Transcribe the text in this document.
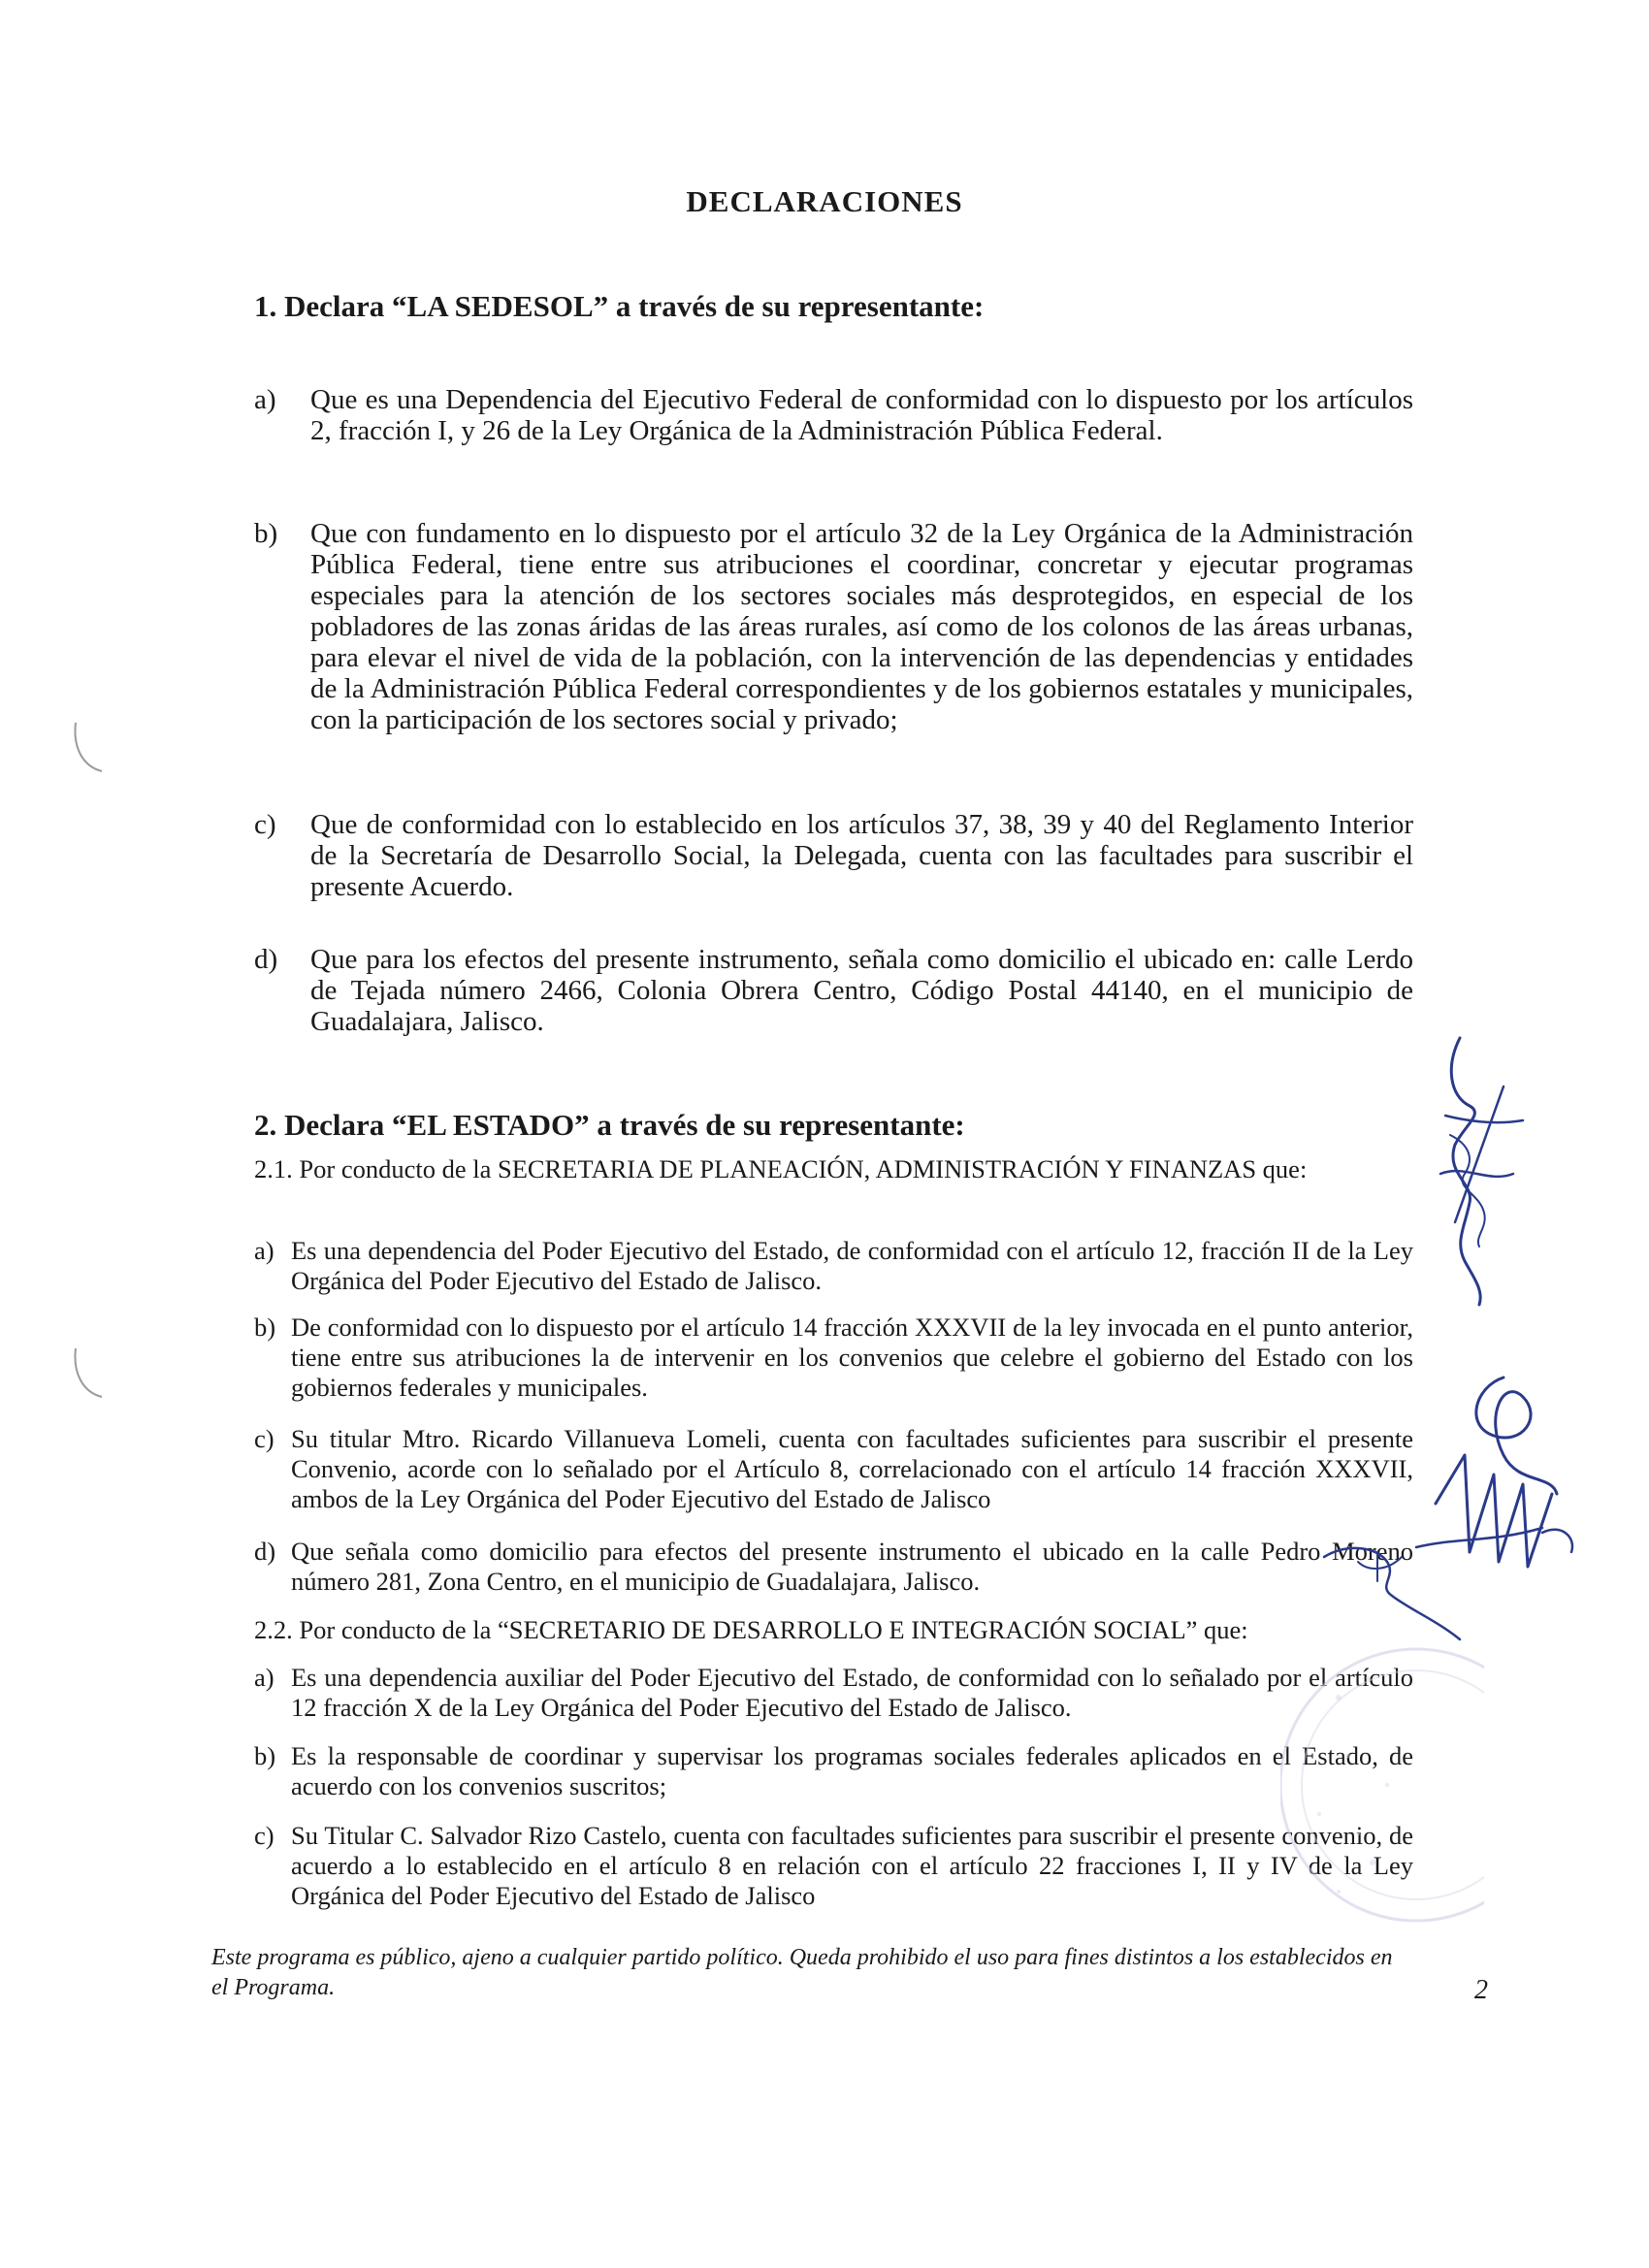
DECLARACIONES
1. Declara “LA SEDESOL” a través de su representante:
a) Que es una Dependencia del Ejecutivo Federal de conformidad con lo dispuesto por los artículos 2, fracción I, y 26 de la Ley Orgánica de la Administración Pública Federal.
b) Que con fundamento en lo dispuesto por el artículo 32 de la Ley Orgánica de la Administración Pública Federal, tiene entre sus atribuciones el coordinar, concretar y ejecutar programas especiales para la atención de los sectores sociales más desprotegidos, en especial de los pobladores de las zonas áridas de las áreas rurales, así como de los colonos de las áreas urbanas, para elevar el nivel de vida de la población, con la intervención de las dependencias y entidades de la Administración Pública Federal correspondientes y de los gobiernos estatales y municipales, con la participación de los sectores social y privado;
c) Que de conformidad con lo establecido en los artículos 37, 38, 39 y 40 del Reglamento Interior de la Secretaría de Desarrollo Social, la Delegada, cuenta con las facultades para suscribir el presente Acuerdo.
d) Que para los efectos del presente instrumento, señala como domicilio el ubicado en: calle Lerdo de Tejada número 2466, Colonia Obrera Centro, Código Postal 44140, en el municipio de Guadalajara, Jalisco.
2. Declara “EL ESTADO” a través de su representante:
2.1. Por conducto de la SECRETARIA DE PLANEACIÓN, ADMINISTRACIÓN Y FINANZAS que:
a) Es una dependencia del Poder Ejecutivo del Estado, de conformidad con el artículo 12, fracción II de la Ley Orgánica del Poder Ejecutivo del Estado de Jalisco.
b) De conformidad con lo dispuesto por el artículo 14 fracción XXXVII de la ley invocada en el punto anterior, tiene entre sus atribuciones la de intervenir en los convenios que celebre el gobierno del Estado con los gobiernos federales y municipales.
c) Su titular Mtro. Ricardo Villanueva Lomeli, cuenta con facultades suficientes para suscribir el presente Convenio, acorde con lo señalado por el Artículo 8, correlacionado con el artículo 14 fracción XXXVII, ambos de la Ley Orgánica del Poder Ejecutivo del Estado de Jalisco
d) Que señala como domicilio para efectos del presente instrumento el ubicado en la calle Pedro Moreno número 281, Zona Centro, en el municipio de Guadalajara, Jalisco.
2.2. Por conducto de la “SECRETARIO DE DESARROLLO E INTEGRACIÓN SOCIAL” que:
a) Es una dependencia auxiliar del Poder Ejecutivo del Estado, de conformidad con lo señalado por el artículo 12 fracción X de la Ley Orgánica del Poder Ejecutivo del Estado de Jalisco.
b) Es la responsable de coordinar y supervisar los programas sociales federales aplicados en el Estado, de acuerdo con los convenios suscritos;
c) Su Titular C. Salvador Rizo Castelo, cuenta con facultades suficientes para suscribir el presente convenio, de acuerdo a lo establecido en el artículo 8 en relación con el artículo 22 fracciones I, II y IV de la Ley Orgánica del Poder Ejecutivo del Estado de Jalisco
Este programa es público, ajeno a cualquier partido político. Queda prohibido el uso para fines distintos a los establecidos en el Programa.	2
